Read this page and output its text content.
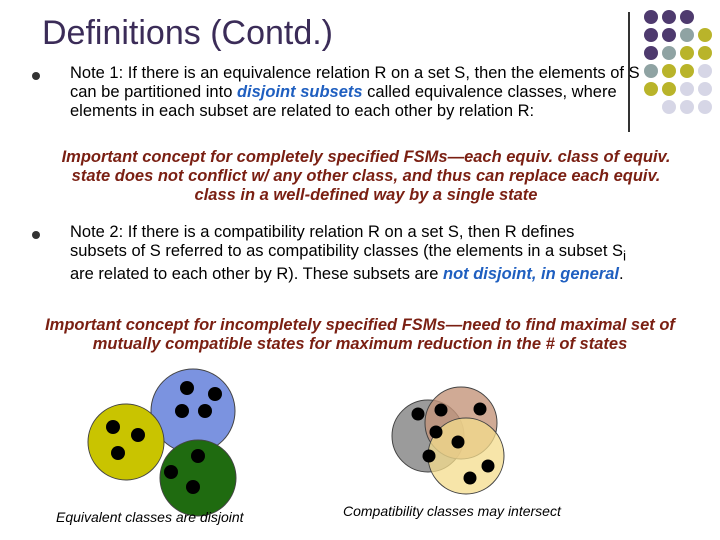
Definitions (Contd.)

Note 1: If there is an equivalence relation R on a set S, then the elements of S can be partitioned into disjoint subsets called equivalence classes, where elements in each subset are related to each other by relation R:

Important concept for completely specified FSMs—each equiv. class of equiv. state does not conflict w/ any other class, and thus can replace each equiv. class in a well-defined way by a single state

Note 2: If there is a compatibility relation R on a set S, then R defines subsets of S referred to as compatibility classes (the elements in a subset $S_i$ are related to each other by R). These subsets are not disjoint, in general.

Important concept for incompletely specified FSMs—need to find maximal set of mutually compatible states for maximum reduction in the # of states

Equivalent classes are disjoint	Compatibility classes may intersect
